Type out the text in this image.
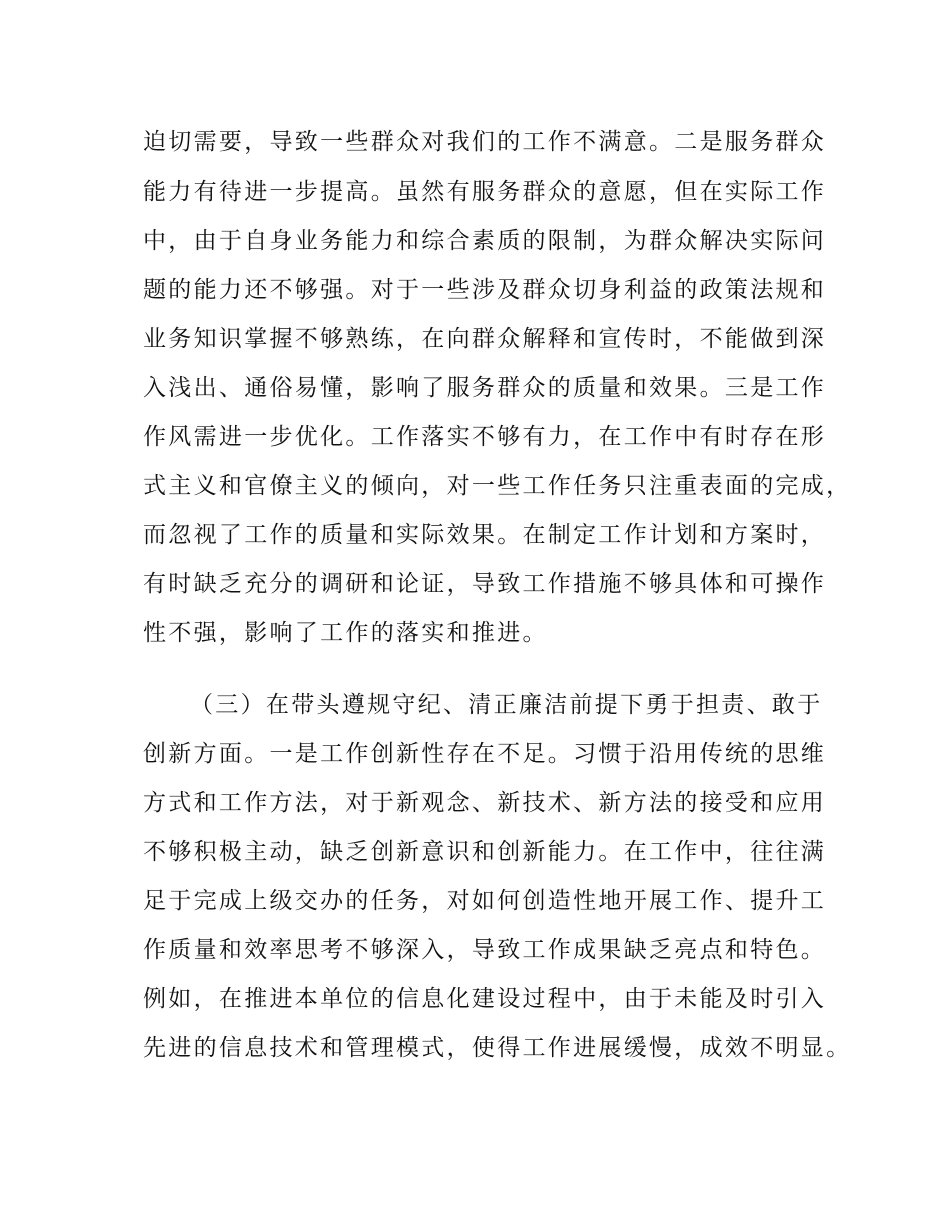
迫切需要，导致一些群众对我们的工作不满意。二是服务群众
能力有待进一步提高。虽然有服务群众的意愿，但在实际工作
中，由于自身业务能力和综合素质的限制，为群众解决实际问
题的能力还不够强。对于一些涉及群众切身利益的政策法规和
业务知识掌握不够熟练，在向群众解释和宣传时，不能做到深
入浅出、通俗易懂，影响了服务群众的质量和效果。三是工作
作风需进一步优化。工作落实不够有力，在工作中有时存在形
式主义和官僚主义的倾向，对一些工作任务只注重表面的完成，
而忽视了工作的质量和实际效果。在制定工作计划和方案时，
有时缺乏充分的调研和论证，导致工作措施不够具体和可操作
性不强，影响了工作的落实和推进。
（三）在带头遵规守纪、清正廉洁前提下勇于担责、敢于
创新方面。一是工作创新性存在不足。习惯于沿用传统的思维
方式和工作方法，对于新观念、新技术、新方法的接受和应用
不够积极主动，缺乏创新意识和创新能力。在工作中，往往满
足于完成上级交办的任务，对如何创造性地开展工作、提升工
作质量和效率思考不够深入，导致工作成果缺乏亮点和特色。
例如，在推进本单位的信息化建设过程中，由于未能及时引入
先进的信息技术和管理模式，使得工作进展缓慢，成效不明显。
